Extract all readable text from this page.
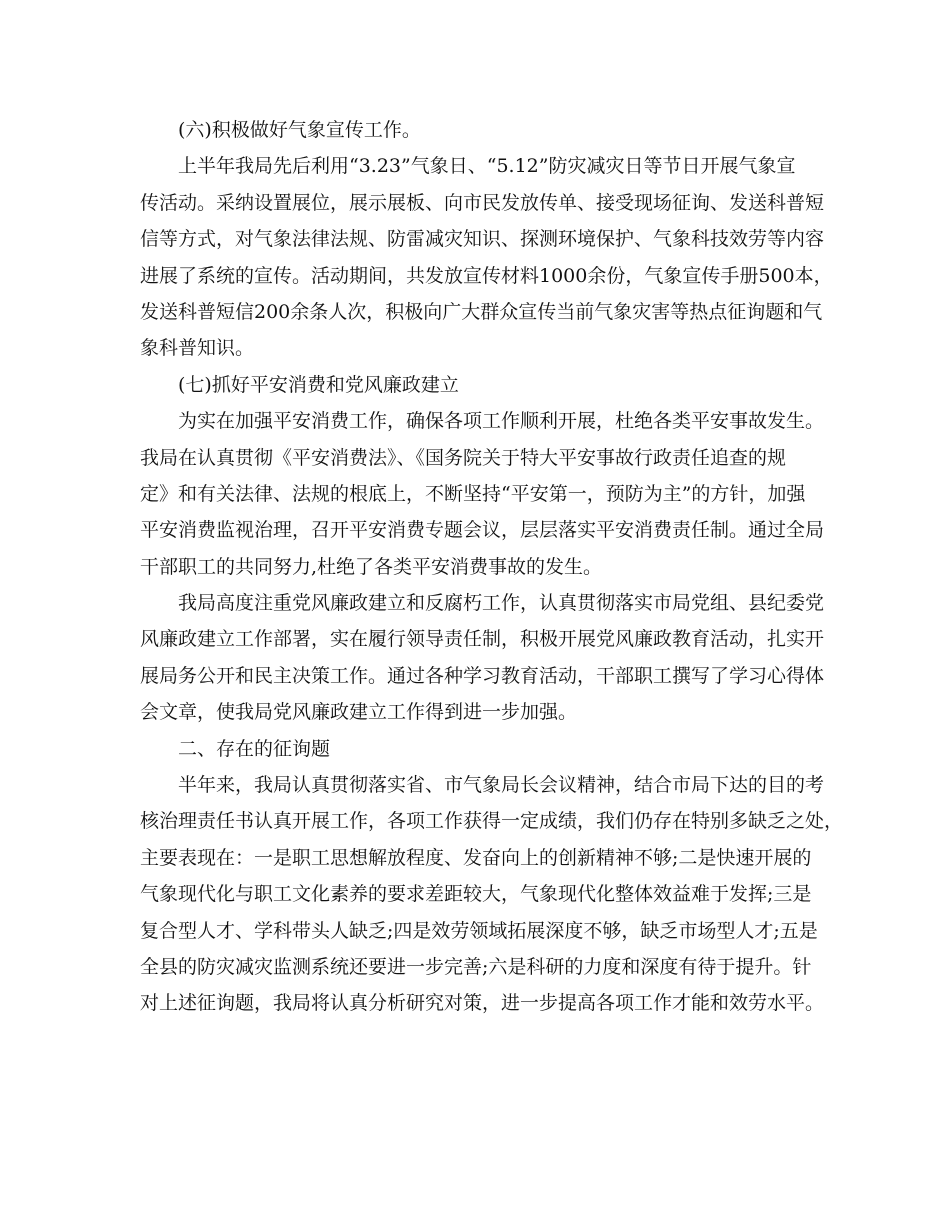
(六)积极做好气象宣传工作。
上半年我局先后利用“3.23”气象日、“5.12”防灾减灾日等节日开展气象宣
传活动。采纳设置展位，展示展板、向市民发放传单、接受现场征询、发送科普短
信等方式，对气象法律法规、防雷减灾知识、探测环境保护、气象科技效劳等内容
进展了系统的宣传。活动期间，共发放宣传材料1000余份，气象宣传手册500本，
发送科普短信200余条人次，积极向广大群众宣传当前气象灾害等热点征询题和气
象科普知识。
(七)抓好平安消费和党风廉政建立
为实在加强平安消费工作，确保各项工作顺利开展，杜绝各类平安事故发生。
我局在认真贯彻《平安消费法》、《国务院关于特大平安事故行政责任追查的规
定》和有关法律、法规的根底上，不断坚持“平安第一，预防为主”的方针，加强
平安消费监视治理，召开平安消费专题会议，层层落实平安消费责任制。通过全局
干部职工的共同努力,杜绝了各类平安消费事故的发生。
我局高度注重党风廉政建立和反腐朽工作，认真贯彻落实市局党组、县纪委党
风廉政建立工作部署，实在履行领导责任制，积极开展党风廉政教育活动，扎实开
展局务公开和民主决策工作。通过各种学习教育活动，干部职工撰写了学习心得体
会文章，使我局党风廉政建立工作得到进一步加强。
二、存在的征询题
半年来，我局认真贯彻落实省、市气象局长会议精神，结合市局下达的目的考
核治理责任书认真开展工作，各项工作获得一定成绩，我们仍存在特别多缺乏之处，
主要表现在：一是职工思想解放程度、发奋向上的创新精神不够;二是快速开展的
气象现代化与职工文化素养的要求差距较大，气象现代化整体效益难于发挥;三是
复合型人才、学科带头人缺乏;四是效劳领域拓展深度不够，缺乏市场型人才;五是
全县的防灾减灾监测系统还要进一步完善;六是科研的力度和深度有待于提升。针
对上述征询题，我局将认真分析研究对策，进一步提高各项工作才能和效劳水平。
